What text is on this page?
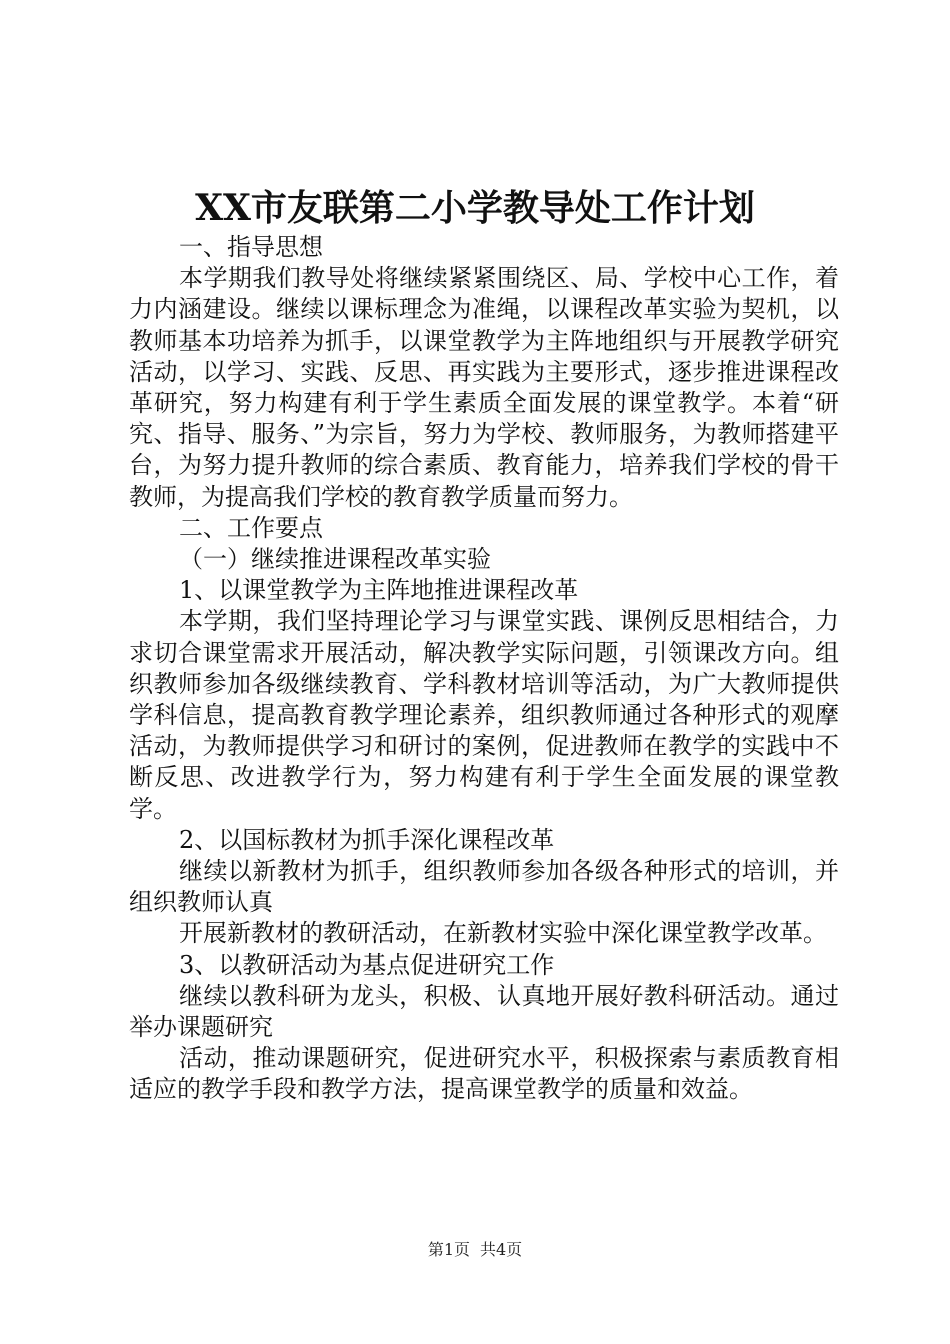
XX市友联第二小学教导处工作计划

一、指导思想

本学期我们教导处将继续紧紧围绕区、局、学校中心工作，着力内涵建设。继续以课标理念为准绳，以课程改革实验为契机，以教师基本功培养为抓手，以课堂教学为主阵地组织与开展教学研究活动，以学习、实践、反思、再实践为主要形式，逐步推进课程改革研究，努力构建有利于学生素质全面发展的课堂教学。本着“研究、指导、服务、”为宗旨，努力为学校、教师服务，为教师搭建平台，为努力提升教师的综合素质、教育能力，培养我们学校的骨干教师，为提高我们学校的教育教学质量而努力。

二、工作要点

（一）继续推进课程改革实验

1、以课堂教学为主阵地推进课程改革

本学期，我们坚持理论学习与课堂实践、课例反思相结合，力求切合课堂需求开展活动，解决教学实际问题，引领课改方向。组织教师参加各级继续教育、学科教材培训等活动，为广大教师提供学科信息，提高教育教学理论素养，组织教师通过各种形式的观摩活动，为教师提供学习和研讨的案例，促进教师在教学的实践中不断反思、改进教学行为，努力构建有利于学生全面发展的课堂教学。

2、以国标教材为抓手深化课程改革

继续以新教材为抓手，组织教师参加各级各种形式的培训，并组织教师认真

开展新教材的教研活动，在新教材实验中深化课堂教学改革。

3、以教研活动为基点促进研究工作

继续以教科研为龙头，积极、认真地开展好教科研活动。通过举办课题研究

活动，推动课题研究，促进研究水平，积极探索与素质教育相适应的教学手段和教学方法，提高课堂教学的质量和效益。

第1页 共4页
